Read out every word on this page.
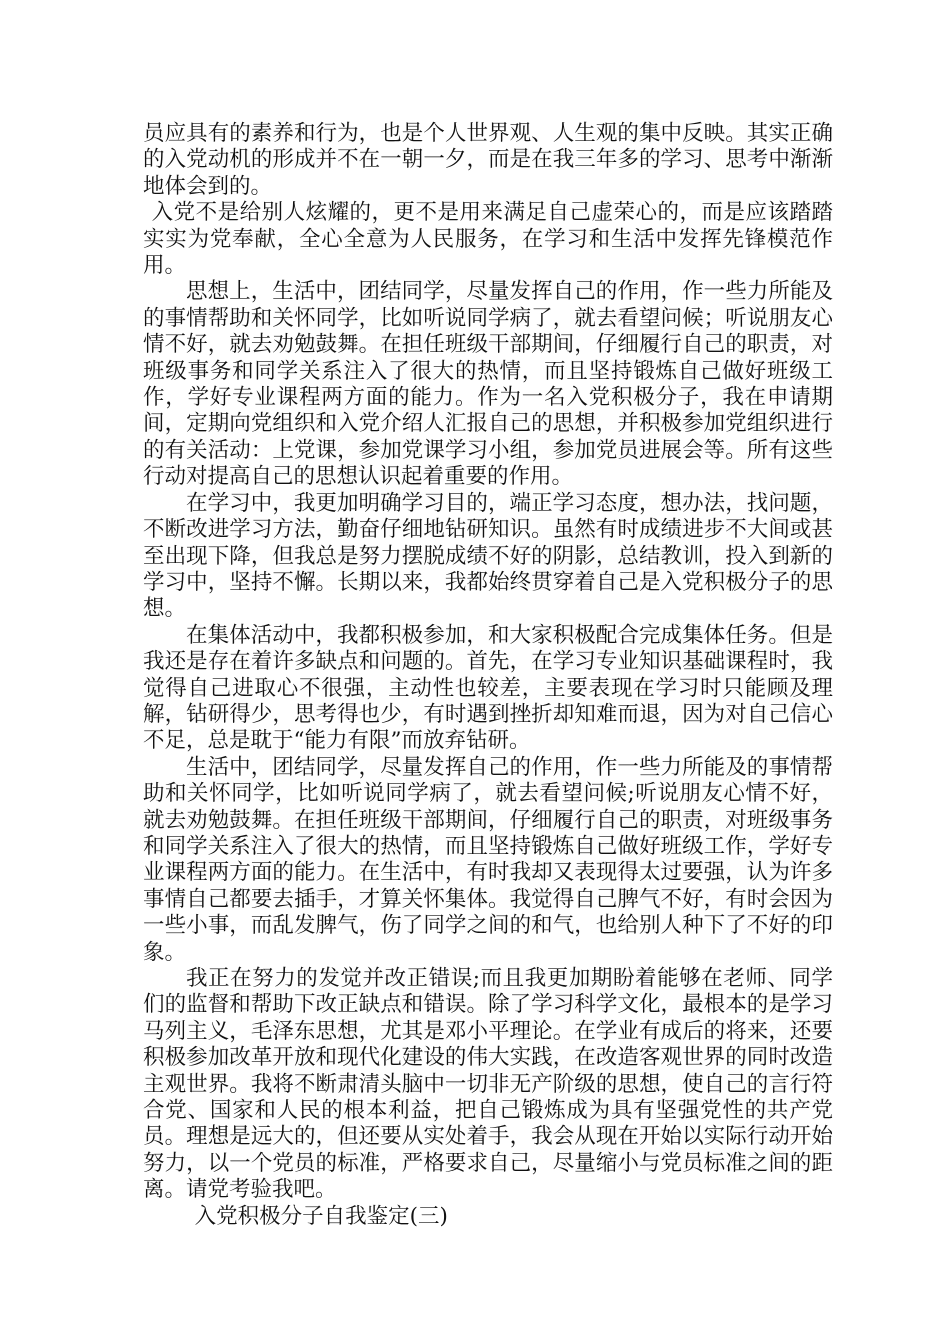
员应具有的素养和行为，也是个人世界观、人生观的集中反映。其实正确的入党动机的形成并不在一朝一夕，而是在我三年多的学习、思考中渐渐地体会到的。

入党不是给别人炫耀的，更不是用来满足自己虚荣心的，而是应该踏踏实实为党奉献，全心全意为人民服务，在学习和生活中发挥先锋模范作用。

思想上，生活中，团结同学，尽量发挥自己的作用，作一些力所能及的事情帮助和关怀同学，比如听说同学病了，就去看望问候；听说朋友心情不好，就去劝勉鼓舞。在担任班级干部期间，仔细履行自己的职责，对班级事务和同学关系注入了很大的热情，而且坚持锻炼自己做好班级工作，学好专业课程两方面的能力。作为一名入党积极分子，我在申请期间，定期向党组织和入党介绍人汇报自己的思想，并积极参加党组织进行的有关活动：上党课，参加党课学习小组，参加党员进展会等。所有这些行动对提高自己的思想认识起着重要的作用。

在学习中，我更加明确学习目的，端正学习态度，想办法，找问题，不断改进学习方法，勤奋仔细地钻研知识。虽然有时成绩进步不大间或甚至出现下降，但我总是努力摆脱成绩不好的阴影，总结教训，投入到新的学习中，坚持不懈。长期以来，我都始终贯穿着自己是入党积极分子的思想。

在集体活动中，我都积极参加，和大家积极配合完成集体任务。但是我还是存在着许多缺点和问题的。首先，在学习专业知识基础课程时，我觉得自己进取心不很强，主动性也较差，主要表现在学习时只能顾及理解，钻研得少，思考得也少，有时遇到挫折却知难而退，因为对自己信心不足，总是耽于“能力有限”而放弃钻研。

生活中，团结同学，尽量发挥自己的作用，作一些力所能及的事情帮助和关怀同学，比如听说同学病了，就去看望问候;听说朋友心情不好，就去劝勉鼓舞。在担任班级干部期间，仔细履行自己的职责，对班级事务和同学关系注入了很大的热情，而且坚持锻炼自己做好班级工作，学好专业课程两方面的能力。在生活中，有时我却又表现得太过要强，认为许多事情自己都要去插手，才算关怀集体。我觉得自己脾气不好，有时会因为一些小事，而乱发脾气，伤了同学之间的和气，也给别人种下了不好的印象。

我正在努力的发觉并改正错误;而且我更加期盼着能够在老师、同学们的监督和帮助下改正缺点和错误。除了学习科学文化，最根本的是学习马列主义，毛泽东思想，尤其是邓小平理论。在学业有成后的将来，还要积极参加改革开放和现代化建设的伟大实践，在改造客观世界的同时改造主观世界。我将不断肃清头脑中一切非无产阶级的思想，使自己的言行符合党、国家和人民的根本利益，把自己锻炼成为具有坚强党性的共产党员。理想是远大的，但还要从实处着手，我会从现在开始以实际行动开始努力，以一个党员的标准，严格要求自己，尽量缩小与党员标准之间的距离。请党考验我吧。

入党积极分子自我鉴定(三)
